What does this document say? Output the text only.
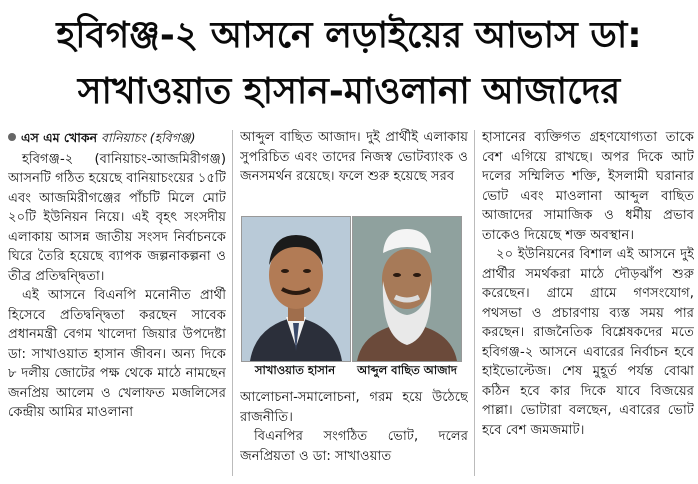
হবিগঞ্জ-২ আসনে লড়াইয়ের আভাস ডা:
সাখাওয়াত হাসান-মাওলানা আজাদের
এস এম খোকন বানিয়াচং (হবিগঞ্জ)

হবিগঞ্জ-২ (বানিয়াচং-আজমিরীগঞ্জ) আসনটি গঠিত হয়েছে বানিয়াচংয়ের ১৫টি এবং আজমিরীগঞ্জের পাঁচটি মিলে মোট ২০টি ইউনিয়ন নিয়ে। এই বৃহৎ সংসদীয় এলাকায় আসন্ন জাতীয় সংসদ নির্বাচনকে ঘিরে তৈরি হয়েছে ব্যাপক জল্পনাকল্পনা ও তীব্র প্রতিদ্বন্দ্বিতা।

এই আসনে বিএনপি মনোনীত প্রার্থী হিসেবে প্রতিদ্বন্দ্বিতা করছেন সাবেক প্রধানমন্ত্রী বেগম খালেদা জিয়ার উপদেষ্টা ডা: সাখাওয়াত হাসান জীবন। অন্য দিকে ৮ দলীয় জোটের পক্ষ থেকে মাঠে নামছেন জনপ্রিয় আলেম ও খেলাফত মজলিসের কেন্দ্রীয় আমির মাওলানা

আব্দুল বাছিত আজাদ। দুই প্রার্থীই এলাকায় সুপরিচিত এবং তাদের নিজস্ব ভোটব্যাংক ও জনসমর্থন রয়েছে। ফলে শুরু হয়েছে সরব
সাখাওয়াত হাসান	আব্দুল বাছিত আজাদ

আলোচনা-সমালোচনা, গরম হয়ে উঠেছে রাজনীতি।

বিএনপির সংগঠিত ভোট, দলের জনপ্রিয়তা ও ডা: সাখাওয়াত

হাসানের ব্যক্তিগত গ্রহণযোগ্যতা তাকে বেশ এগিয়ে রাখছে। অপর দিকে আট দলের সম্মিলিত শক্তি, ইসলামী ঘরানার ভোট এবং মাওলানা আব্দুল বাছিত আজাদের সামাজিক ও ধর্মীয় প্রভাব তাকেও দিয়েছে শক্ত অবস্থান।

২০ ইউনিয়নের বিশাল এই আসনে দুই প্রার্থীর সমর্থকরা মাঠে দৌড়ঝাঁপ শুরু করেছেন। গ্রামে গ্রামে গণসংযোগ, পথসভা ও প্রচারণায় ব্যস্ত সময় পার করছেন। রাজনৈতিক বিশ্লেষকদের মতে হবিগঞ্জ-২ আসনে এবারের নির্বাচন হবে হাইভোল্টেজ। শেষ মুহূর্ত পর্যন্ত বোঝা কঠিন হবে কার দিকে যাবে বিজয়ের পাল্লা। ভোটারা বলছেন, এবারের ভোট হবে বেশ জমজমাট।
